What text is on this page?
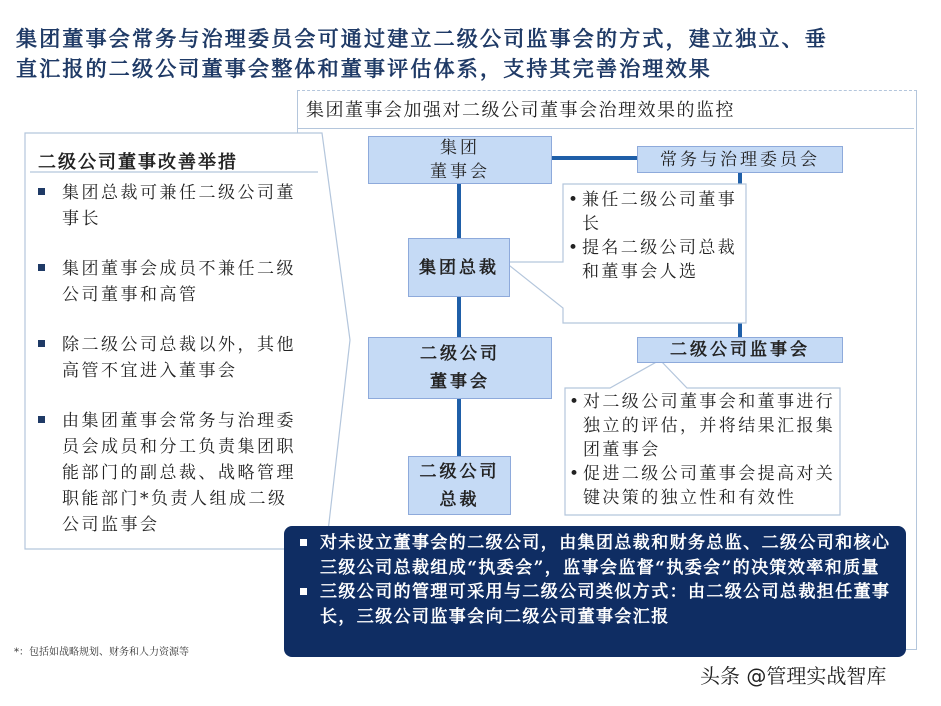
集团董事会常务与治理委员会可通过建立二级公司监事会的方式，建立独立、垂
直汇报的二级公司董事会整体和董事评估体系，支持其完善治理效果
集团董事会加强对二级公司董事会治理效果的监控
二级公司董事改善举措
集团总裁可兼任二级公司董事长
集团董事会成员不兼任二级公司董事和高管
除二级公司总裁以外，其他高管不宜进入董事会
由集团董事会常务与治理委员会成员和分工负责集团职能部门的副总裁、战略管理职能部门*负责人组成二级公司监事会
集团
董事会
常务与治理委员会
集团总裁
二级公司
董事会
二级公司监事会
二级公司
总裁
• 兼任二级公司董事长
• 提名二级公司总裁和董事会人选
• 对二级公司董事会和董事进行独立的评估，并将结果汇报集团董事会
• 促进二级公司董事会提高对关键决策的独立性和有效性
对未设立董事会的二级公司，由集团总裁和财务总监、二级公司和核心三级公司总裁组成“执委会”，监事会监督“执委会”的决策效率和质量
三级公司的管理可采用与二级公司类似方式：由二级公司总裁担任董事长，三级公司监事会向二级公司董事会汇报
*：包括如战略规划、财务和人力资源等
头条 @管理实战智库
